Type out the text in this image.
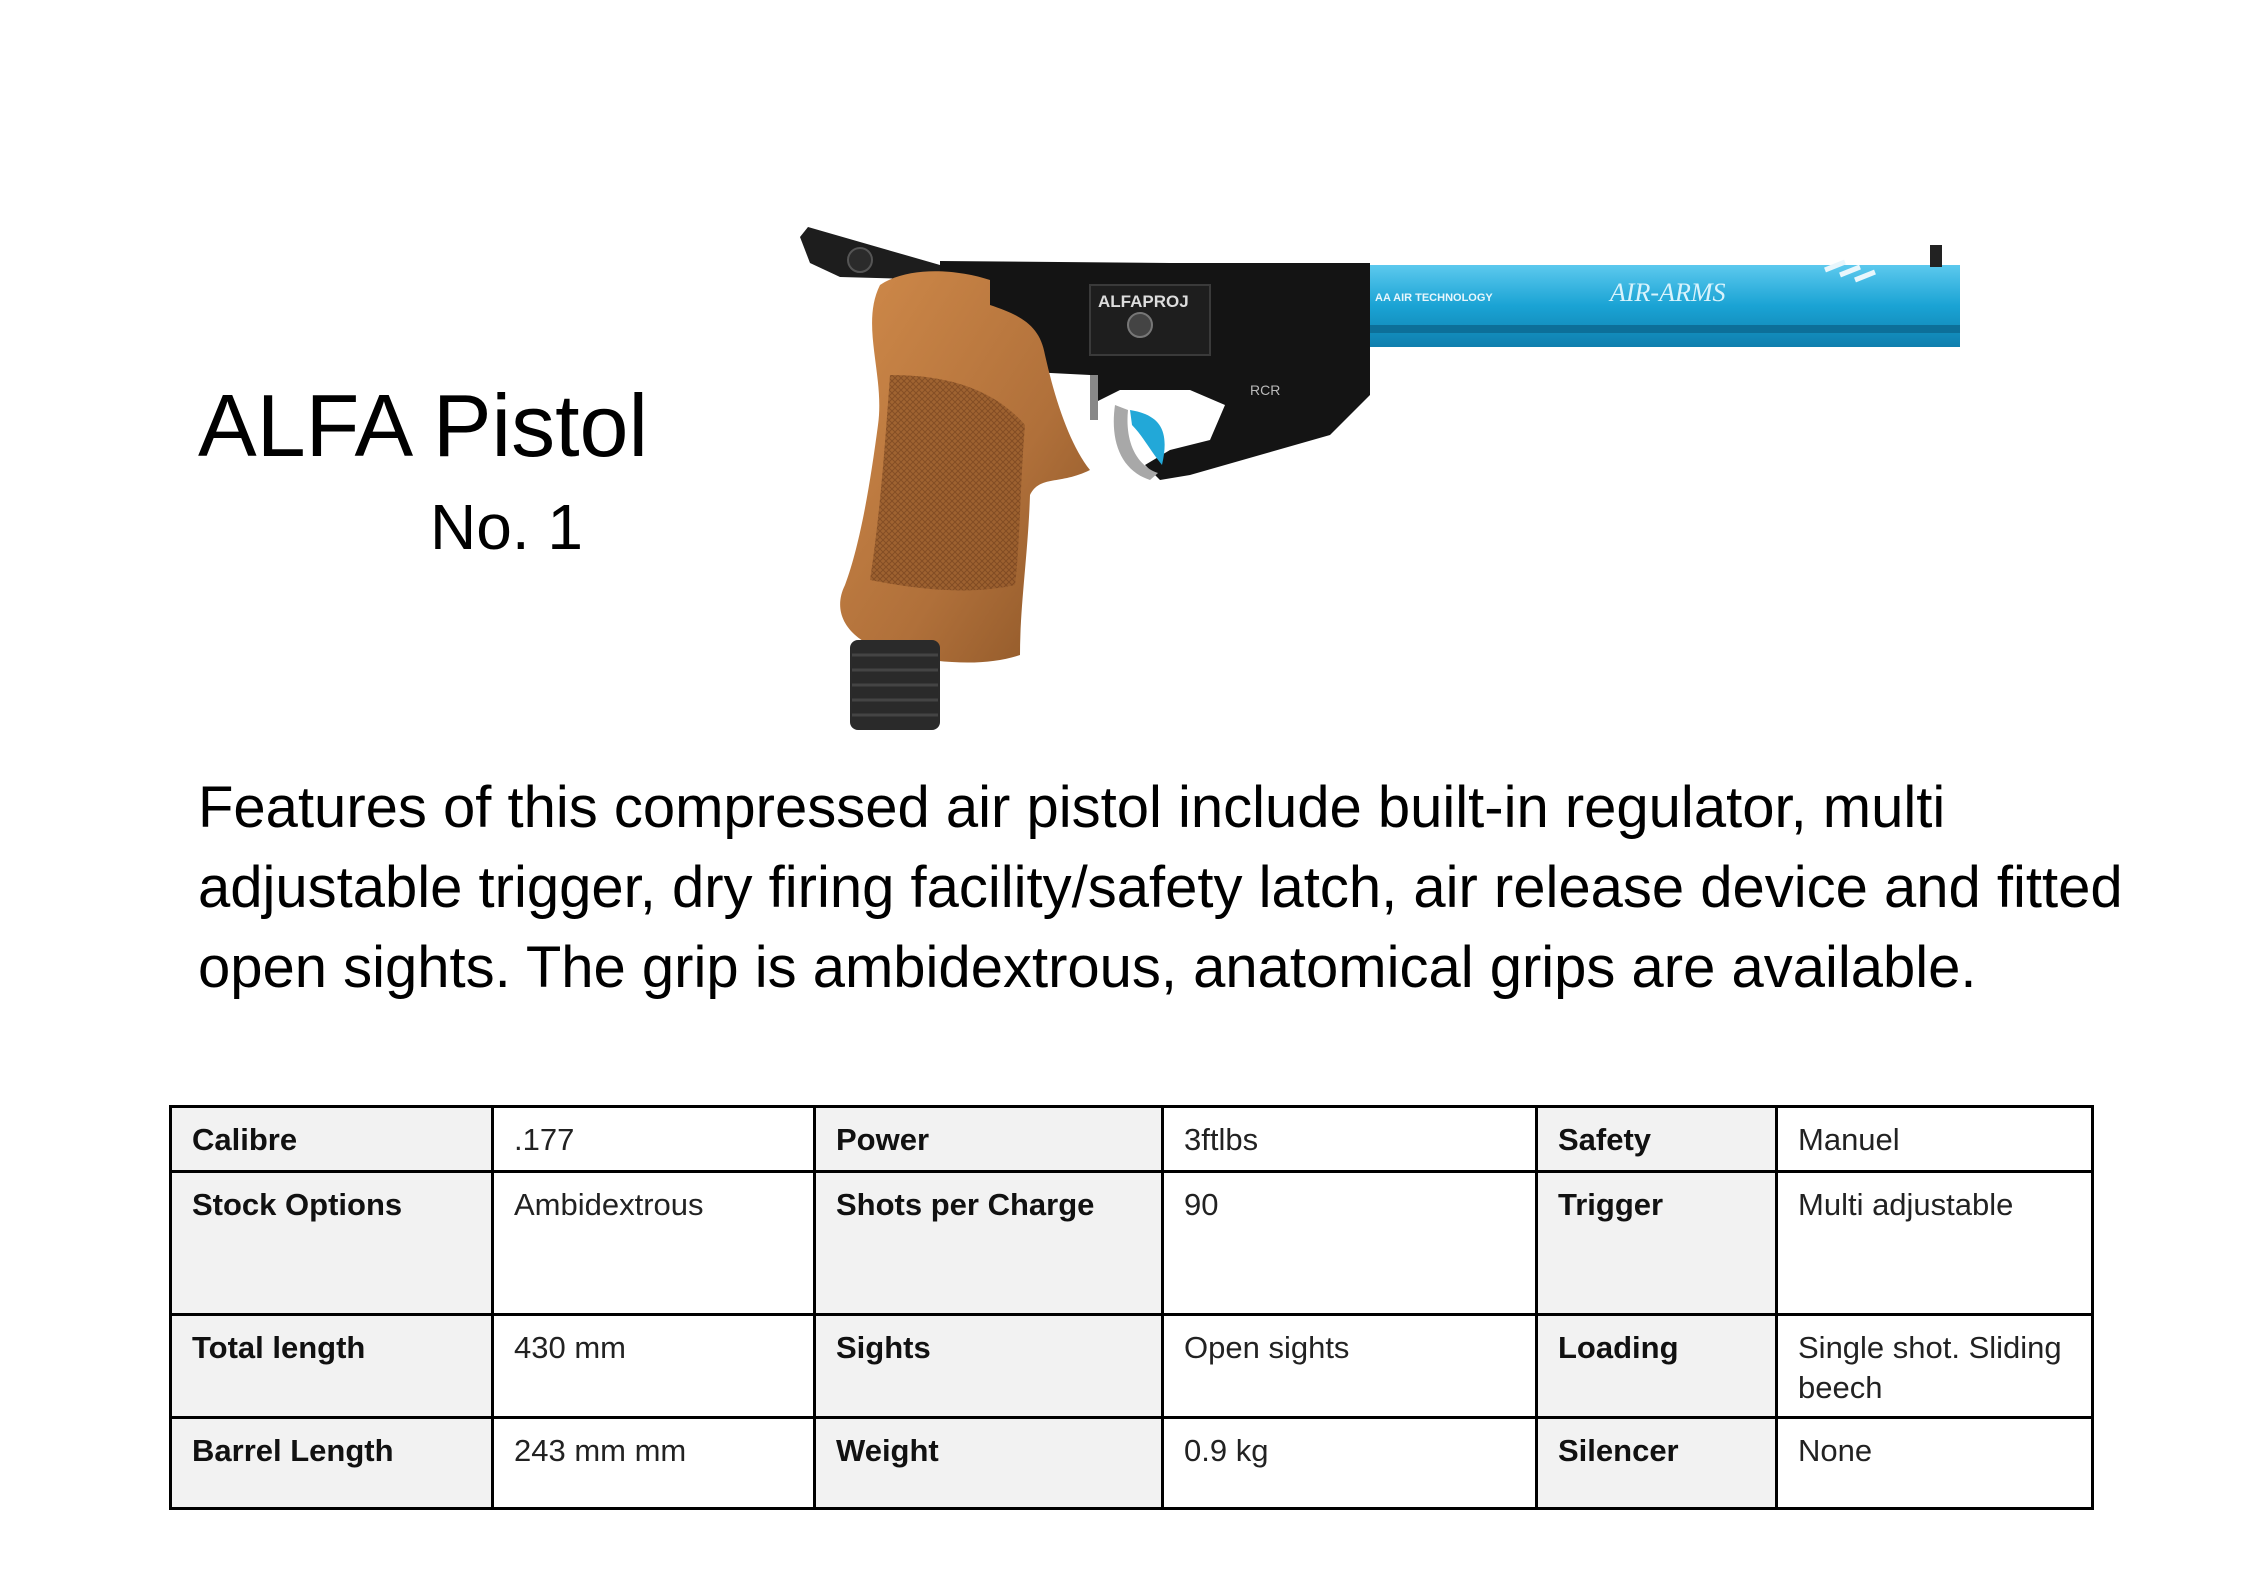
ALFA Pistol
No. 1
AIR-ARMS
AA AIR TECHNOLOGY
ALFAPROJ
RCR

Features of this compressed air pistol include built-in regulator, multi adjustable trigger, dry firing facility/safety latch, air release device and fitted open sights. The grip is ambidextrous, anatomical grips are available.

Calibre	.177	Power	3ftlbs	Safety	Manuel
Stock Options	Ambidextrous	Shots per Charge	90	Trigger	Multi adjustable
Total length	430 mm	Sights	Open sights	Loading	Single shot. Sliding beech
Barrel Length	243 mm mm	Weight	0.9 kg	Silencer	None
